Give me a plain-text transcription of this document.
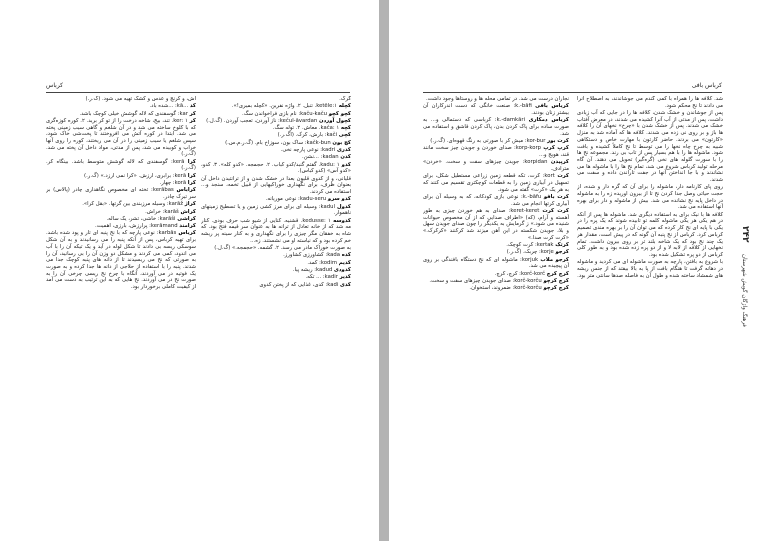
کرباس

گرگ.

کچله ketēle:۱. تنبل. ۲. واژه نفرین. «کچله بمیری!».

کچو کچو kaču-kaču: نام بازی فراخواندن سگ.

کچول آوردن kečul-āvardan: ناز آوردن، تعجب آوردن. (گ.ل.)

کچه kača: ۱. معاش. ۲. توله سگ.

کچی kači: بارش، کرک. (اگ.ر.)

کچ بون kačk-bun: ساک بون، سوزاخ بام. (گ.ر.م.س.)

کدری kadri: نوعی پارچه نخی.

کدن kadan: ...نشن.

کدو kadu: ۱. گفتم گنبد/کدو کباب. ۲. حجمجه. «کدو کله». ۳. کدو، «کدو آس» (کدو کباس).

قلیانی، و از کدوی قلیون بعدا در خشک شدن و از ترانتیدن داخل آن بعنوان ظرف، برای نگهداری خوراکیهایی از قبیل تخمه، سنجد و... استفاده می کردند.

کدو سرو kadu-seru: نوعی موریانه.

کدول kadul: وسیله ای برای مرز کشی زمین و یا تسطیح زمینهای ناهموار.

کدوسه kedusse: ۱. قشنیه. کنایی از شیو شب حرف بودی. کنار مه شد که از خانه تعادل از ترانه ها به عنوان سر قیمه فتح بود. که شاه به خفقان مگر چیزی را برای نگهداری و به کنار سینه پر ریشه خم کرده بود و که نیاسته او می نشستند. زه...

به صورت خوراک مادر می رسد. ۲. گشمه. «حجمجه.» (گ.ل.)

کده kada: کشاورزی کشاورز.

کدیم kodim: کمد.

کدودی kadud: ریشه پیا.

کدیر kadir: ... تکه.

کدی kadi: کدی، غذایی که از پختن کدوی

آش، و کرنچ و عدس و کشک تهیه می شود. (گ.ر.)

کذ ...kā: ...شده باد.

کر kar: گوسفندی که لاله گوشش خیلی کوچک باشد.

کر ker: ۱. تند، بیخ، شاخه درخت را از تو کر برید. ۲. کوره کوزه‌گری که با کلوخ ساخته می شد و در آن شلغم و گاهی سیب زمینی پخته می شد. ابتدا در کوره آتش می افروختند تا پخت‌شی خاک شود، سپس شلغم یا سیب زمینی را در آن می ریختند، کوره را روی آنها خراب و کوبیده می شد، پس از مدتی، مواد داخل آن پخته می شد. (گ.ر.)

کرا kerā: گوسفندی که لاله گوشش متوسط باشد. بینگاه کر. (گ.ر.)

کرا kerā: برابری، ارزش. «کرا نمی ارزد.» (گ.ر.)

کرا korā: چهار.

کراباس kerābas: تخته ای مخصوص نگاهداری چادر (پالاس) بر سر تیرک چادر.

کراژ karāž: وسیله مرزبندی بین گرتها. «بقل کرا».

کراش karāš: خراش.

کراشی karāši: خاشی، تشر، یک ساله.

کرامند kerāmand: پرارزش، بارزی، اهمیت.

کرباس karbās: نوعی پارچه که با نخ پنبه ای تار و پود شده باشد. برای تهیه کرباس، پس از آنکه پنبه را می رسانیدند و به آن شکل سوسکی ریسه بی دادند تا شکل لوله در آید و یک تیکه آن را با آب می اندود، کمی می کردند و مشکل دو وزن آن را بی رسانید، آن را به صورتی که نخ می ریسیدند تا از دانه های پنبه کوچک جدا می شدند. پنبه را با استفاده از حلاجی از دانه ها جدا کرده و به صورت یک فوتیه در می آوردند، آنگاه با چرخ نخ ریسی چرخی آن را به صورت نخ در می آوردند. نخ هایی که به این ترتیب به دست می آمد از کیفیت کاملی برخوردار بود.

کرباس بافی

شد. کلافه ها را همراه با کمی گندم می جوشاندند، به اصطلاح آنرا می دادند تا نخ محکم شود.

پس از جوشاندن و خشک شدن، کلافه ها را در جایی که آب زیادی داشت، پس از مدتی از آب آنرا کشیده می شدند، در معرض آفتاب خشک می شدند. پس از خشک شدن با «چرخ» نخهای آن را کلافه ها باز و بر روی نی زده می شدند. کلافه ها که آماده شد به منزل «کارتون» می بردند. حاضر کارتون با مهارت خاص و دستکاهی شبیه به چرخ چاه نخها را می توسط تا نخ کاملاً کشیده و بافت شود. ماشوله ها را با هم بسیار پس از تاب بی رند. مجموعه نخ ها را با سورت گلوله های نخی (گره‌گیر) تحویل می دهند. آن گاه مرحله تولید کرباس شروع می شد، تمام نخ ها را با ماشوله ها می نشاندند و با جا انداختن آنها در جفت تاراندن داده و سفت می شدند.

روی پای کارنامه دار، ماشوله را برای آن که گره دار و شده، از حجت حیاتی وصل جدا کردن نخ تا از بیرون اوریده زه را به ماشوله در داخل پایه نخ نشانده می شد. بیش از ماشوله و دار برای بهره آنها استفاده می شد.

کلافه ها با نیک برای به استفاده دیگری شد. ماشوله ها پس از آنکه در هم یکی هر یکی ماشوله کلمه تو تابیده شوند که یک پره را در یکی با پایه ای نخ کار کرده که می توان آن را بر بهره مندی تصمیم کرباس کرد. کرباس از نخ پنبه آن گونه که در پیش است، مقدار هر یک چند نخ بود که یک شاخه بلند تر بر روی بیرون داشت. تمام نخهایی از کلافه از لابه لا و از دو پره زده شده بود و به طور کلی کرباس از دو پره تشکیل شده بود.

با شروع به بافتن، پارچه به صورت ماشوله ای می کردید و ماشوله در دهانه گرفت تا هنگام بافت از پا به بالا بیفتد که از جنس ریشه های شمشاد ساخته شده و طول آن به فاصله صدها سانتی متر بود.

نجاران درست می شد. در تمامی محله ها و روستاها وجود داشت.

کرباس بافی k.-bāfi: صنعت خانگی که دست اندرکاران آن بیشتر زنان بودند.

کرباس دمکاری k.-damkāri: کرباسی که دستمالی و... به صورت ساده برای پاک کردن بدن، پاک کردن قاشق و استفاده می شد.

کرت بور kor-bur: میش کر با صورتی به رنگ قهوه‌ای. (گ.ر.)

کرپ کرپ korp-korp: صدای خوردن و جویدن چیز سخت مانند قند، هویج و...

کرپیدن korpidan: جویدن چیزهای سفت و سخت. «خردن» مترادف.

کرت kort: کرت، تکه قطعه زمین زراعی مستطیل شکل، برای تسهیل در آبیاری زمین را به قطعات کوچکتری تقسیم می کنند که به هر یک «کرت» گفته می شود.

کرت بافو k.-bāfu: نوعی بازی کودکانه، که به وسیله آن برای آبیاری کرتها انجام می شد.

کرت کرت keret-keret: صدای به هم خوردن چیزی به طور آهسته و آرام، (که) «اطراف صدایی که از آن مخصوص حیوانات شنیده می شود.» ز گرمایش به یکدیگر را چون صدای جویدن سهل و بلا، جویدن شکسته در این آهن میزند شد کرکنند «کرکرک.» «کرت کرت صدا.»

کرتک kertak: کرت کوچک.

کرجو korje: چربک، (گ.ر.)

کرجو ملاب korjuk: ماشوله ای که نخ دستگاه بافندگی بر روی آن پیچیده می شد.

کرچ کرچ korč-korč: کرچ، کرچ.

کرچ کرچو korč-korču: صدای جویدن چیزهای سفت و سخت.

کرچ کرچو korč-korču: ضمروند، استخوان.

۲۴۲
فرهنگ واژگان گویش شهرستان
